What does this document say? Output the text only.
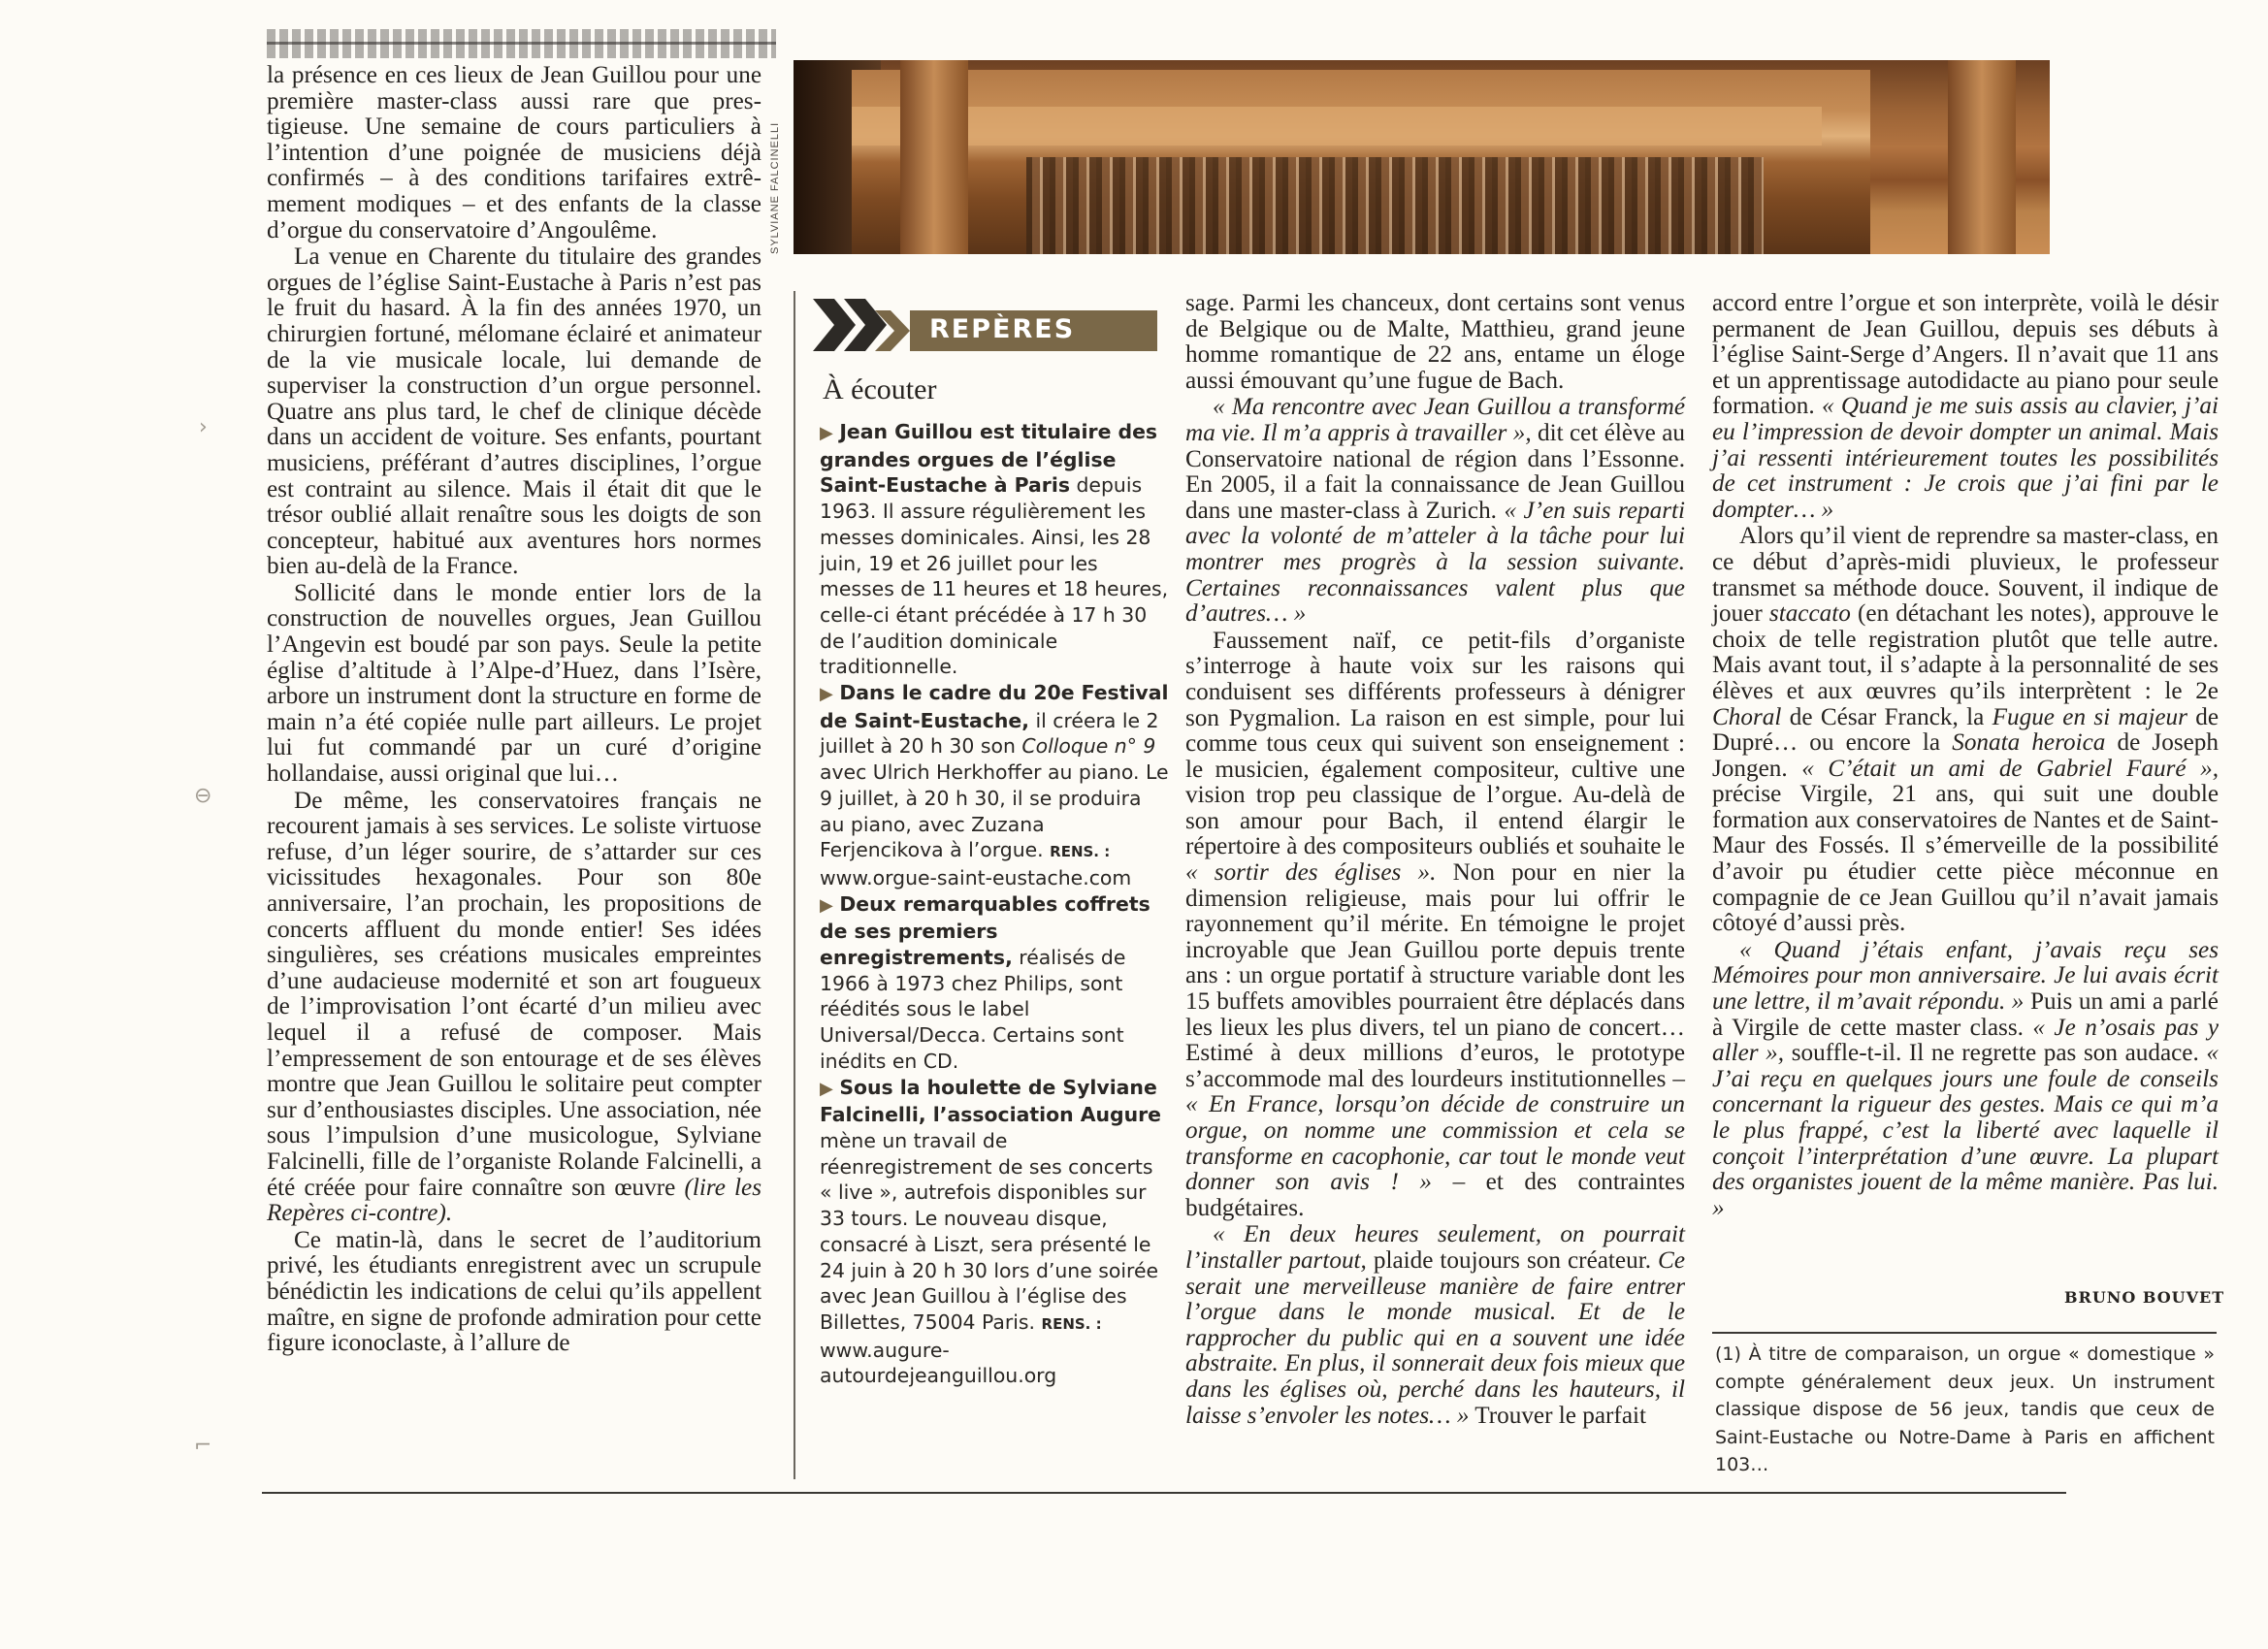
SYLVIANE FALCINELLI

la présence en ces lieux de Jean Guillou pour une première master-class aussi rare que pres- tigieuse. Une semaine de cours particuliers à l’intention d’une poignée de musiciens déjà confirmés – à des conditions tarifaires extrê- mement modiques – et des enfants de la classe d’orgue du conservatoire d’Angoulême.

La venue en Charente du titulaire des grandes orgues de l’église Saint-Eustache à Paris n’est pas le fruit du hasard. À la fin des années 1970, un chirurgien fortuné, mélomane éclairé et animateur de la vie musicale locale, lui demande de superviser la construction d’un orgue personnel. Quatre ans plus tard, le chef de clinique décède dans un accident de voiture. Ses enfants, pourtant musiciens, préférant d’autres disciplines, l’orgue est contraint au silence. Mais il était dit que le trésor oublié allait renaître sous les doigts de son concepteur, habitué aux aventures hors normes bien au-delà de la France.

Sollicité dans le monde entier lors de la construction de nouvelles orgues, Jean Guillou l’Angevin est boudé par son pays. Seule la petite église d’altitude à l’Alpe-d’Huez, dans l’Isère, arbore un instrument dont la structure en forme de main n’a été copiée nulle part ailleurs. Le projet lui fut commandé par un curé d’origine hollandaise, aussi original que lui…

De même, les conservatoires français ne recourent jamais à ses services. Le soliste virtuose refuse, d’un léger sourire, de s’attarder sur ces vicissitudes hexagonales. Pour son 80e anniversaire, l’an prochain, les propositions de concerts affluent du monde entier! Ses idées singulières, ses créations musicales empreintes d’une audacieuse modernité et son art fougueux de l’improvisation l’ont écarté d’un milieu avec lequel il a refusé de composer. Mais l’empressement de son entourage et de ses élèves montre que Jean Guillou le solitaire peut compter sur d’enthousiastes disciples. Une association, née sous l’impulsion d’une musicologue, Sylviane Falcinelli, fille de l’organiste Rolande Falcinelli, a été créée pour faire connaître son œuvre (lire les Repères ci-contre).

Ce matin-là, dans le secret de l’auditorium privé, les étudiants enregistrent avec un scrupule bénédictin les indications de celui qu’ils appellent maître, en signe de profonde admiration pour cette figure iconoclaste, à l’allure de

REPÈRES
À écouter

▶ Jean Guillou est titulaire des grandes orgues de l’église Saint-Eustache à Paris depuis 1963. Il assure régulièrement les messes dominicales. Ainsi, les 28 juin, 19 et 26 juillet pour les messes de 11 heures et 18 heures, celle-ci étant précédée à 17 h 30 de l’audition dominicale traditionnelle.

▶ Dans le cadre du 20e Festival de Saint-Eustache, il créera le 2 juillet à 20 h 30 son Colloque n° 9 avec Ulrich Herkhoffer au piano. Le 9 juillet, à 20 h 30, il se produira au piano, avec Zuzana Ferjencikova à l’orgue. RENS. : www.orgue-saint-eustache.com

▶ Deux remarquables coffrets de ses premiers enregistrements, réalisés de 1966 à 1973 chez Philips, sont réédités sous le label Universal/Decca. Certains sont inédits en CD.

▶ Sous la houlette de Sylviane Falcinelli, l’association Augure mène un travail de réenregistrement de ses concerts « live », autrefois disponibles sur 33 tours. Le nouveau disque, consacré à Liszt, sera présenté le 24 juin à 20 h 30 lors d’une soirée avec Jean Guillou à l’église des Billettes, 75004 Paris. RENS. : www.augure-autourdejeanguillou.org

sage. Parmi les chanceux, dont certains sont venus de Belgique ou de Malte, Matthieu, grand jeune homme romantique de 22 ans, entame un éloge aussi émouvant qu’une fugue de Bach.

« Ma rencontre avec Jean Guillou a transformé ma vie. Il m’a appris à travailler », dit cet élève au Conservatoire national de région dans l’Essonne. En 2005, il a fait la connaissance de Jean Guillou dans une master-class à Zurich. « J’en suis reparti avec la volonté de m’atteler à la tâche pour lui montrer mes progrès à la session suivante. Certaines reconnaissances valent plus que d’autres… »

Faussement naïf, ce petit-fils d’organiste s’interroge à haute voix sur les raisons qui conduisent ses différents professeurs à dénigrer son Pygmalion. La raison en est simple, pour lui comme tous ceux qui suivent son enseignement : le musicien, également compositeur, cultive une vision trop peu classique de l’orgue. Au-delà de son amour pour Bach, il entend élargir le répertoire à des compositeurs oubliés et souhaite le « sortir des églises ». Non pour en nier la dimension religieuse, mais pour lui offrir le rayonnement qu’il mérite. En témoigne le projet incroyable que Jean Guillou porte depuis trente ans : un orgue portatif à structure variable dont les 15 buffets amovibles pourraient être déplacés dans les lieux les plus divers, tel un piano de concert… Estimé à deux millions d’euros, le prototype s’accommode mal des lourdeurs institutionnelles – « En France, lorsqu’on décide de construire un orgue, on nomme une commission et cela se transforme en cacophonie, car tout le monde veut donner son avis ! » – et des contraintes budgétaires.

« En deux heures seulement, on pourrait l’installer partout, plaide toujours son créateur. Ce serait une merveilleuse manière de faire entrer l’orgue dans le monde musical. Et de le rapprocher du public qui en a souvent une idée abstraite. En plus, il sonnerait deux fois mieux que dans les églises où, perché dans les hauteurs, il laisse s’envoler les notes… » Trouver le parfait

accord entre l’orgue et son interprète, voilà le désir permanent de Jean Guillou, depuis ses débuts à l’église Saint-Serge d’Angers. Il n’avait que 11 ans et un apprentissage autodidacte au piano pour seule formation. « Quand je me suis assis au clavier, j’ai eu l’impression de devoir dompter un animal. Mais j’ai ressenti intérieurement toutes les possibilités de cet instrument : Je crois que j’ai fini par le dompter… »

Alors qu’il vient de reprendre sa master-class, en ce début d’après-midi pluvieux, le professeur transmet sa méthode douce. Souvent, il indique de jouer staccato (en détachant les notes), approuve le choix de telle registration plutôt que telle autre. Mais avant tout, il s’adapte à la personnalité de ses élèves et aux œuvres qu’ils interprètent : le 2e Choral de César Franck, la Fugue en si majeur de Dupré… ou encore la Sonata heroica de Joseph Jongen. « C’était un ami de Gabriel Fauré », précise Virgile, 21 ans, qui suit une double formation aux conservatoires de Nantes et de Saint-Maur des Fossés. Il s’émerveille de la possibilité d’avoir pu étudier cette pièce méconnue en compagnie de ce Jean Guillou qu’il n’avait jamais côtoyé d’aussi près.

« Quand j’étais enfant, j’avais reçu ses Mémoires pour mon anniversaire. Je lui avais écrit une lettre, il m’avait répondu. » Puis un ami a parlé à Virgile de cette master class. « Je n’osais pas y aller », souffle-t-il. Il ne regrette pas son audace. « J’ai reçu en quelques jours une foule de conseils concernant la rigueur des gestes. Mais ce qui m’a le plus frappé, c’est la liberté avec laquelle il conçoit l’interprétation d’une œuvre. La plupart des organistes jouent de la même manière. Pas lui. »

BRUNO BOUVET

(1) À titre de comparaison, un orgue « domestique » compte généralement deux jeux. Un instrument classique dispose de 56 jeux, tandis que ceux de Saint-Eustache ou Notre-Dame à Paris en affichent 103…

›
⊖
⌐
